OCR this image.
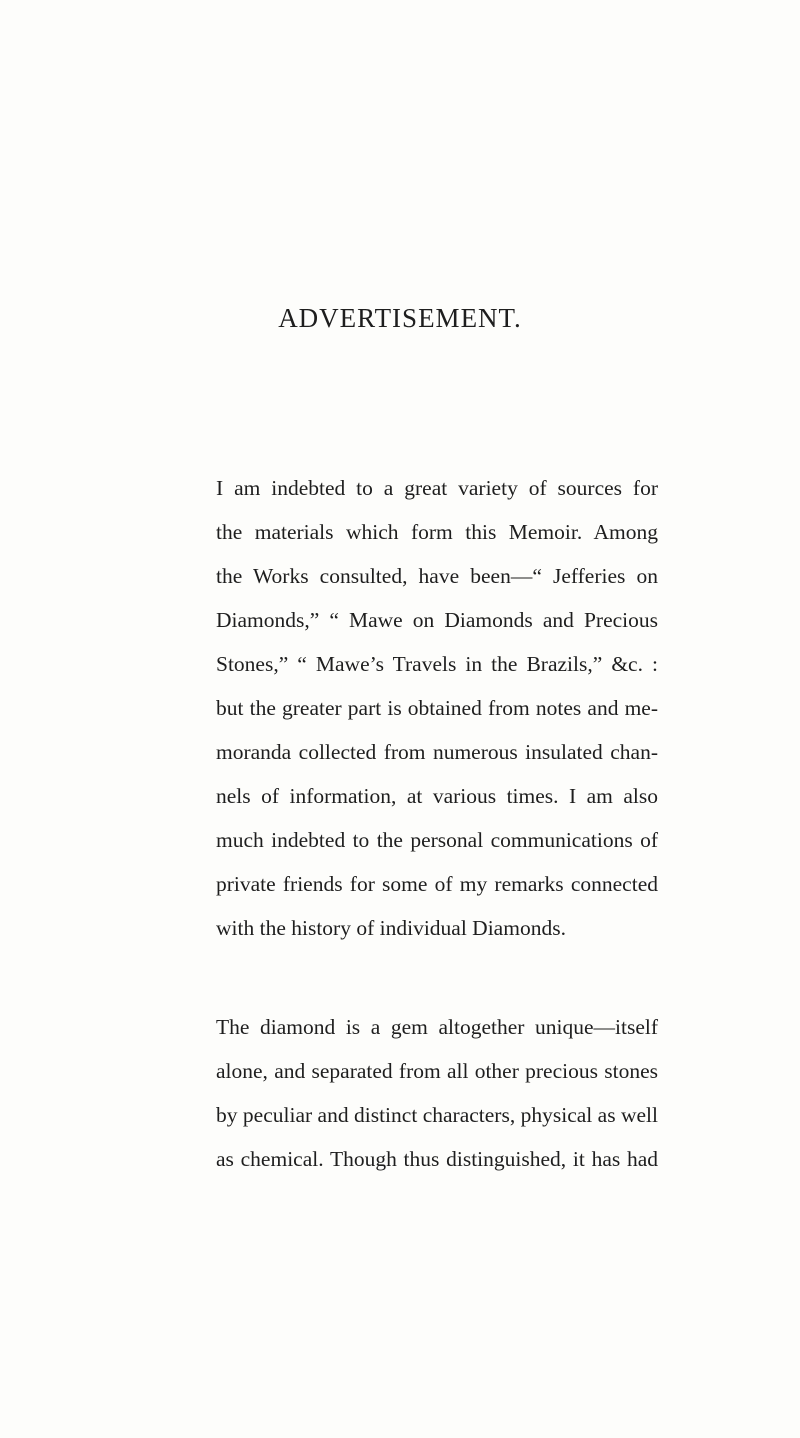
ADVERTISEMENT.

I am indebted to a great variety of sources for

the materials which form this Memoir. Among

the Works consulted, have been—“ Jefferies on

Diamonds,” “ Mawe on Diamonds and Precious

Stones,” “ Mawe’s Travels in the Brazils,” &c. :

but the greater part is obtained from notes and me-

moranda collected from numerous insulated chan-

nels of information, at various times. I am also

much indebted to the personal communications of

private friends for some of my remarks connected

with the history of individual Diamonds.

The diamond is a gem altogether unique—itself

alone, and separated from all other precious stones

by peculiar and distinct characters, physical as well

as chemical. Though thus distinguished, it has had
